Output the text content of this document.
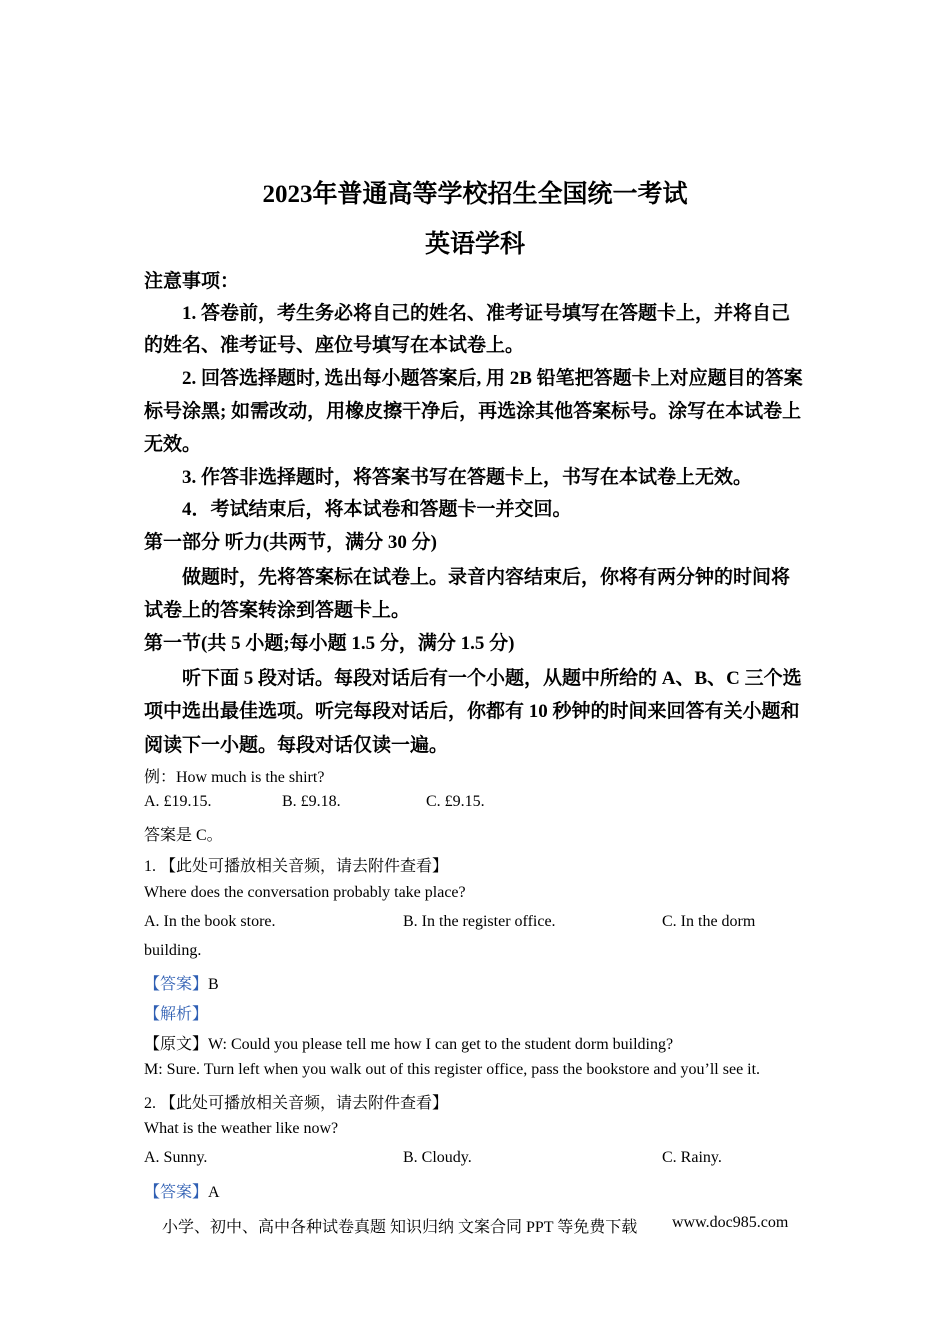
2023年普通高等学校招生全国统一考试
英语学科
注意事项：
1. 答卷前，考生务必将自己的姓名、准考证号填写在答题卡上，并将自己
的姓名、准考证号、座位号填写在本试卷上。
2. 回答选择题时, 选出每小题答案后, 用 2B 铅笔把答题卡上对应题目的答案
标号涂黑; 如需改动，用橡皮擦干净后，再选涂其他答案标号。涂写在本试卷上
无效。
3. 作答非选择题时，将答案书写在答题卡上，书写在本试卷上无效。
4．考试结束后，将本试卷和答题卡一并交回。
第一部分 听力(共两节，满分 30 分)
做题时，先将答案标在试卷上。录音内容结束后，你将有两分钟的时间将
试卷上的答案转涂到答题卡上。
第一节(共 5 小题;每小题 1.5 分，满分 1.5 分)
听下面 5 段对话。每段对话后有一个小题，从题中所给的 A、B、C 三个选
项中选出最佳选项。听完每段对话后，你都有 10 秒钟的时间来回答有关小题和
阅读下一小题。每段对话仅读一遍。
例：How much is the shirt?
A. £19.15.	B. £9.18.	C. £9.15.
答案是 C。
1. 【此处可播放相关音频，请去附件查看】
Where does the conversation probably take place?
A. In the book store.	B. In the register office.	C. In the dorm
building.
【答案】B
【解析】
【原文】W: Could you please tell me how I can get to the student dorm building?
M: Sure. Turn left when you walk out of this register office, pass the bookstore and you’ll see it.
2. 【此处可播放相关音频，请去附件查看】
What is the weather like now?
A. Sunny.	B. Cloudy.	C. Rainy.
【答案】A
小学、初中、高中各种试卷真题 知识归纳 文案合同 PPT 等免费下载 www.doc985.com
